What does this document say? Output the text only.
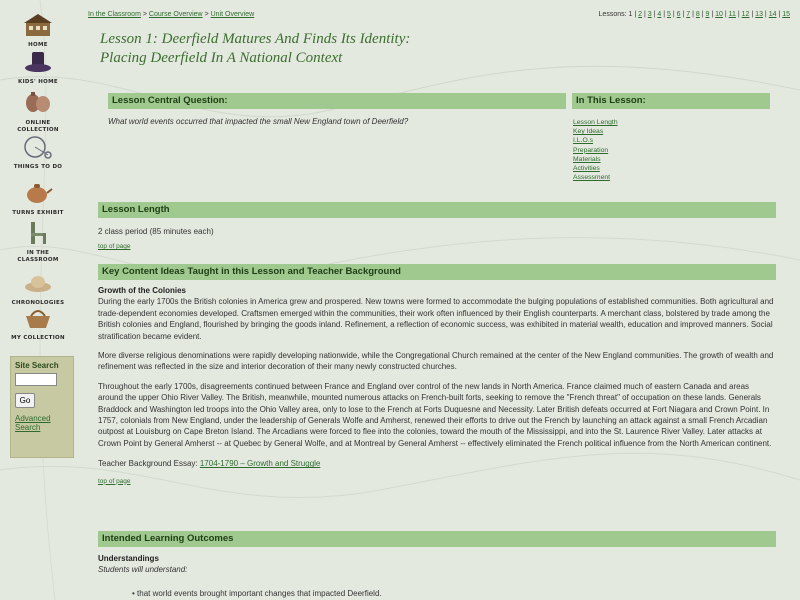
HOME
KIDS' HOME
ONLINE COLLECTION
THINGS TO DO
TURNS EXHIBIT
IN THE CLASSROOM
CHRONOLOGIES
MY COLLECTION
Site Search
Go
Advanced Search
In the Classroom > Course Overview > Unit Overview	Lessons: 1 | 2 | 3 | 4 | 5 | 6 | 7 | 8 | 9 | 10 | 11 | 12 | 13 | 14 | 15
Lesson 1: Deerfield Matures And Finds Its Identity:
Placing Deerfield In A National Context
Lesson Central Question:
What world events occurred that impacted the small New England town of Deerfield?
In This Lesson:
Lesson Length
Key Ideas
I.L.O.s
Preparation
Materials
Activities
Assessment
Lesson Length

2 class period (85 minutes each)

top of page
Key Content Ideas Taught in this Lesson and Teacher Background

Growth of the Colonies

During the early 1700s the British colonies in America grew and prospered. New towns were formed to accommodate the bulging populations of established communities. Both agricultural and trade-dependent economies developed. Craftsmen emerged within the communities, their work often influenced by their English counterparts. A merchant class, bolstered by trade among the British colonies and England, flourished by bringing the goods inland. Refinement, a reflection of economic success, was exhibited in material wealth, education and improved manners. Social stratification became evident.

More diverse religious denominations were rapidly developing nationwide, while the Congregational Church remained at the center of the New England communities. The growth of wealth and refinement was reflected in the size and interior decoration of their many newly constructed churches.

Throughout the early 1700s, disagreements continued between France and England over control of the new lands in North America. France claimed much of eastern Canada and areas around the upper Ohio River Valley. The British, meanwhile, mounted numerous attacks on French-built forts, seeking to remove the "French threat" of occupation on these lands. Generals Braddock and Washington led troops into the Ohio Valley area, only to lose to the French at Forts Duquesne and Necessity. Later British defeats occurred at Fort Niagara and Crown Point. In 1757, colonials from New England, under the leadership of Generals Wolfe and Amherst, renewed their efforts to drive out the French by launching an attack against a small French Arcadian outpost at Louisburg on Cape Breton Island. The Arcadians were forced to flee into the colonies, toward the mouth of the Mississippi, and into the St. Laurence River Valley. Later attacks at Crown Point by General Amherst -- at Quebec by General Wolfe, and at Montreal by General Amherst -- effectively eliminated the French political influence from the North American continent.

Teacher Background Essay: 1704-1790 – Growth and Struggle

top of page
Intended Learning Outcomes

Understandings

Students will understand:

• that world events brought important changes that impacted Deerfield.
